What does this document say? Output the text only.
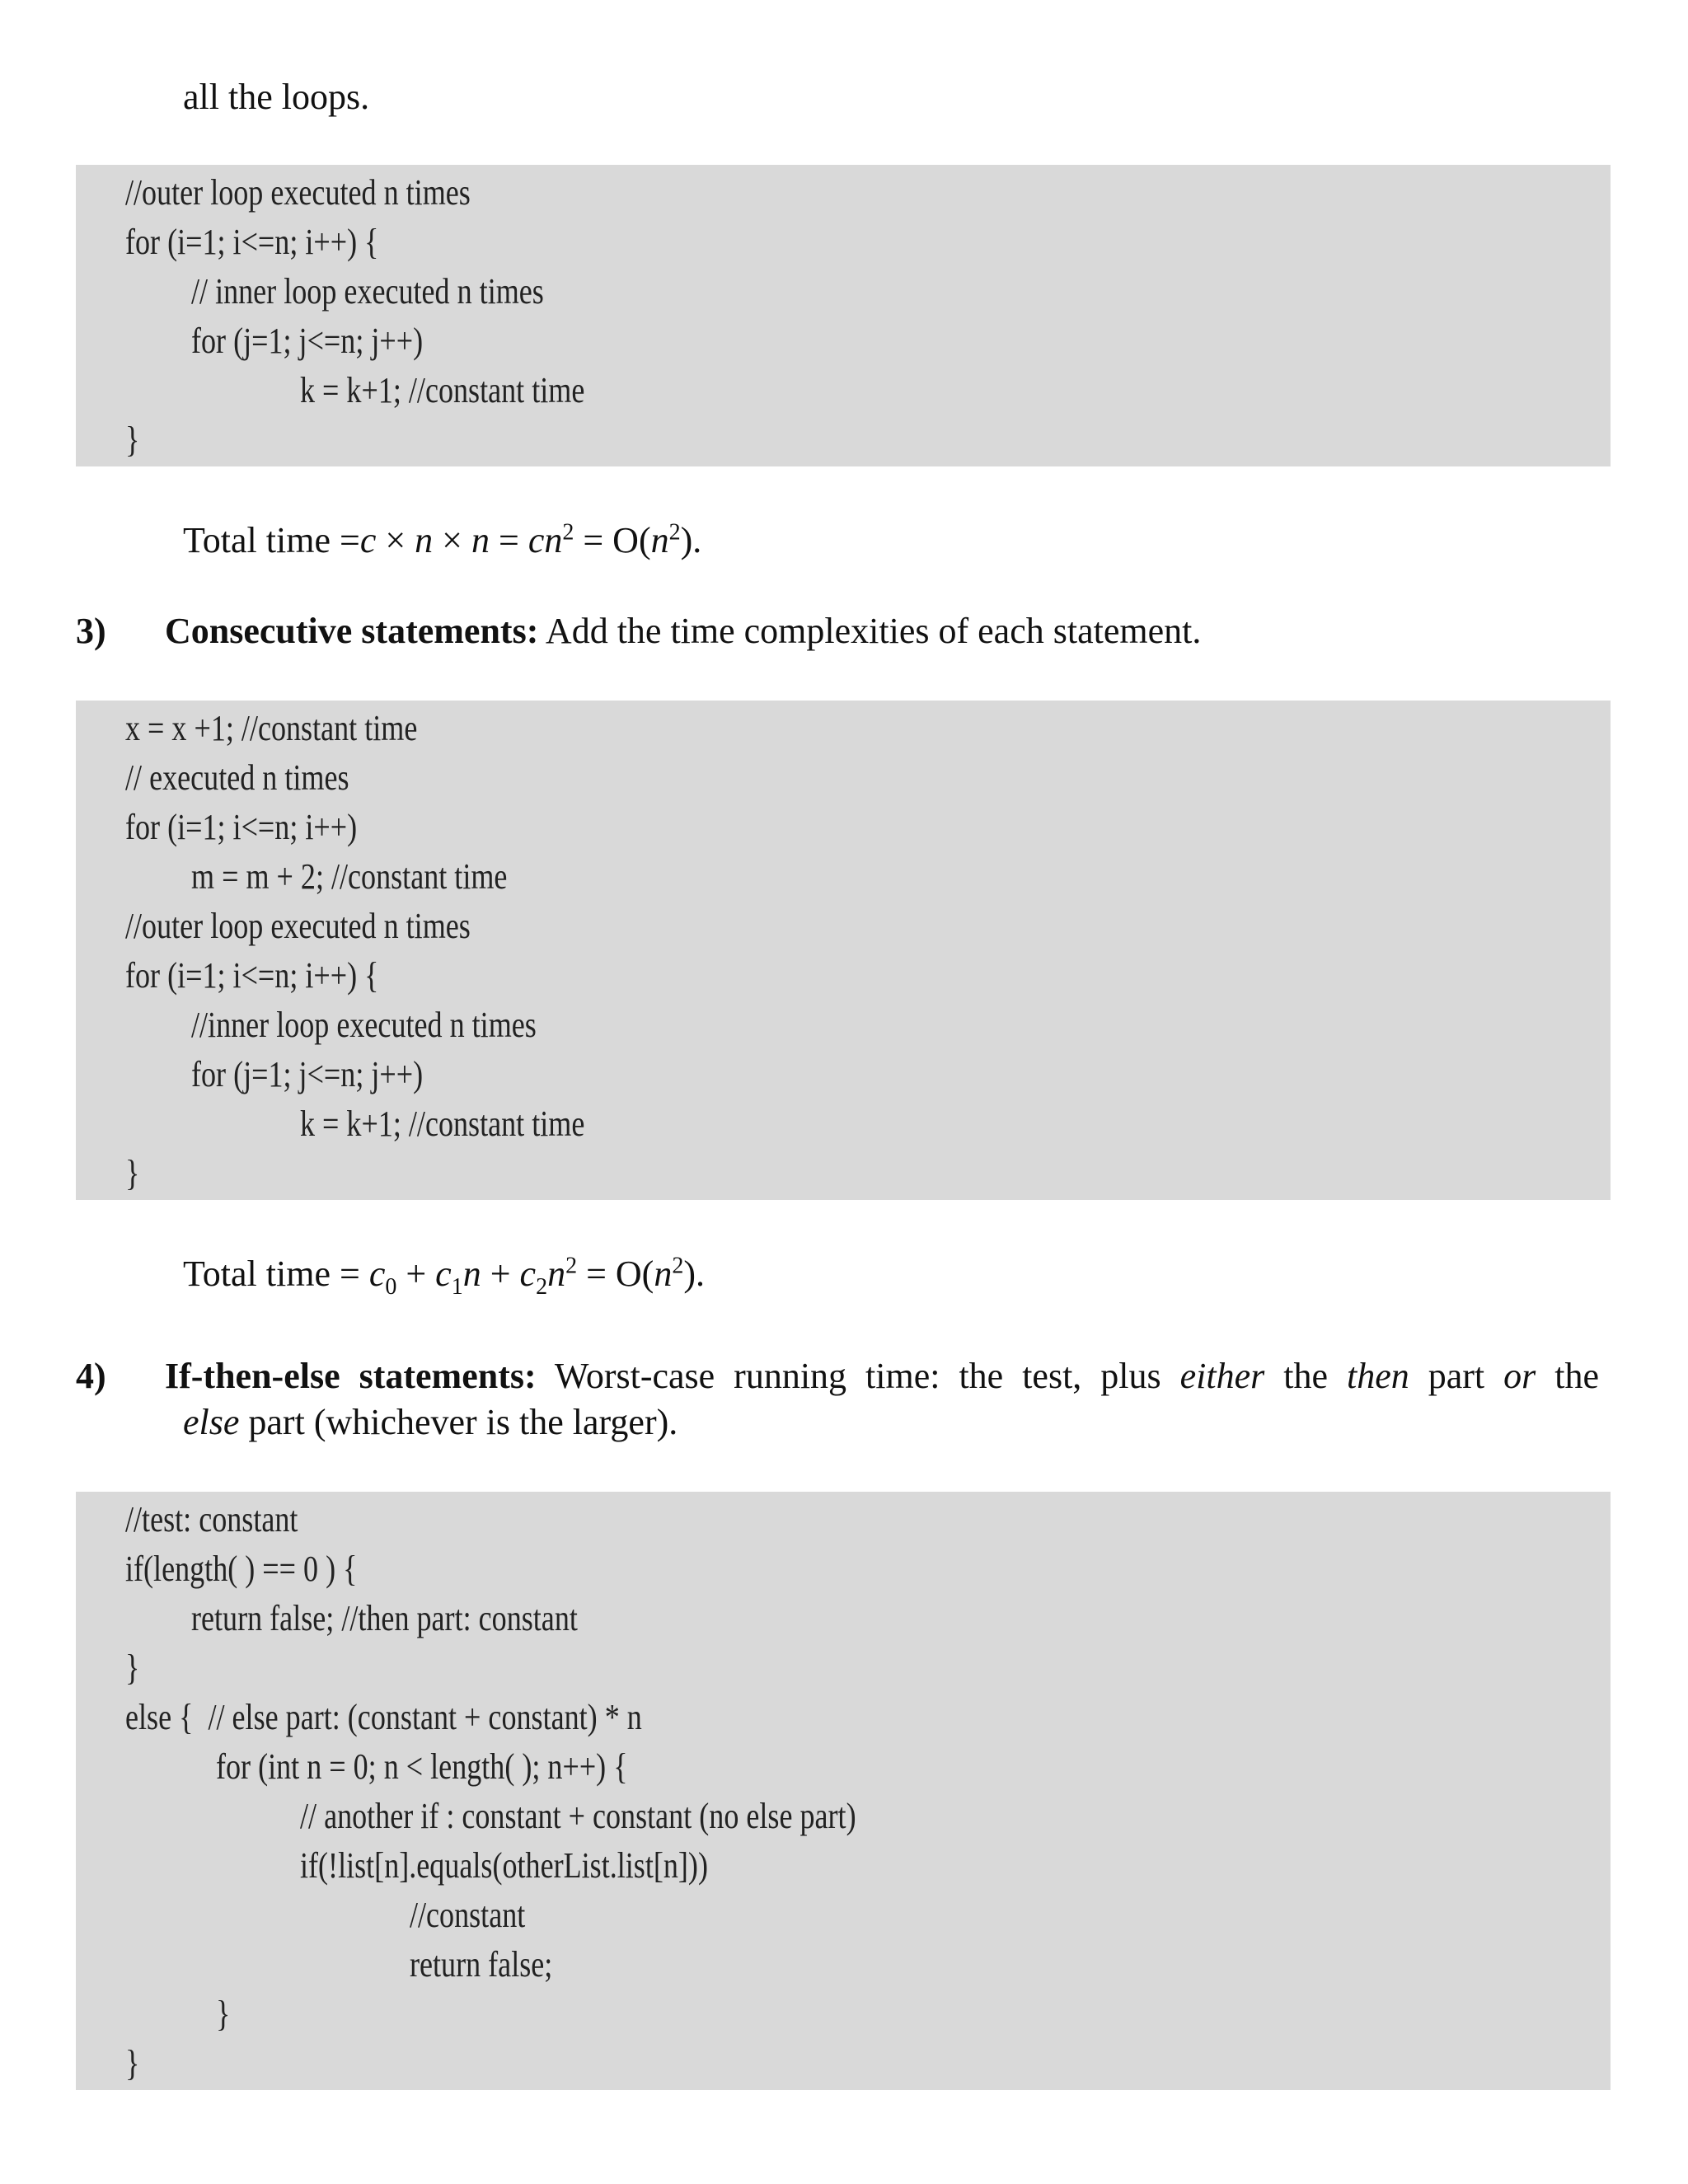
all the loops.
//outer loop executed n times
for (i=1; i<=n; i++) {
// inner loop executed n times
for (j=1; j<=n; j++)
k = k+1; //constant time
}
Total time $=c \times n \times n = cn^2 = O(n^2)$.
3) Consecutive statements: Add the time complexities of each statement.
x = x +1; //constant time
// executed n times
for (i=1; i<=n; i++)
m = m + 2; //constant time
//outer loop executed n times
for (i=1; i<=n; i++) {
//inner loop executed n times
for (j=1; j<=n; j++)
k = k+1; //constant time
}
Total time = $c_0 + c_1n + c_2n^2 = O(n^2)$.
4) If-then-else statements: Worst-case running time: the test, plus either the then part or the
else part (whichever is the larger).
//test: constant
if(length( ) == 0 ) {
return false; //then part: constant
}
else {  // else part: (constant + constant) * n
for (int n = 0; n < length( ); n++) {
// another if : constant + constant (no else part)
if(!list[n].equals(otherList.list[n]))
//constant
return false;
}
}
